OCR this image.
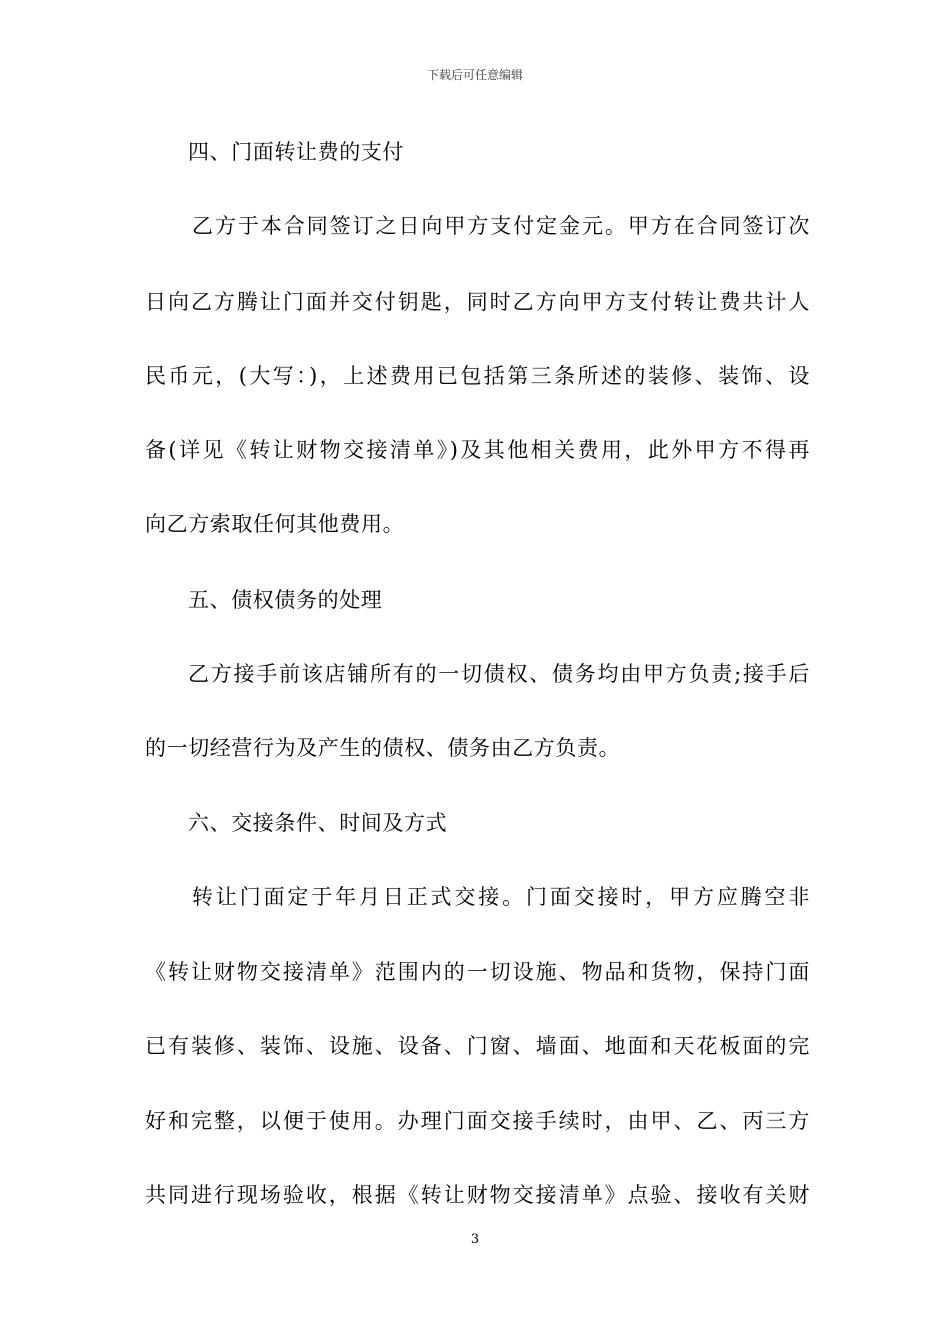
下载后可任意编辑
四、门面转让费的支付
乙方于本合同签订之日向甲方支付定金元。甲方在合同签订次
日向乙方腾让门面并交付钥匙，同时乙方向甲方支付转让费共计人
民币元，(大写：)，上述费用已包括第三条所述的装修、装饰、设
备(详见《转让财物交接清单》)及其他相关费用，此外甲方不得再
向乙方索取任何其他费用。
五、债权债务的处理
乙方接手前该店铺所有的一切债权、债务均由甲方负责;接手后
的一切经营行为及产生的债权、债务由乙方负责。
六、交接条件、时间及方式
转让门面定于年月日正式交接。门面交接时，甲方应腾空非
《转让财物交接清单》范围内的一切设施、物品和货物，保持门面
已有装修、装饰、设施、设备、门窗、墙面、地面和天花板面的完
好和完整，以便于使用。办理门面交接手续时，由甲、乙、丙三方
共同进行现场验收，根据《转让财物交接清单》点验、接收有关财
3
